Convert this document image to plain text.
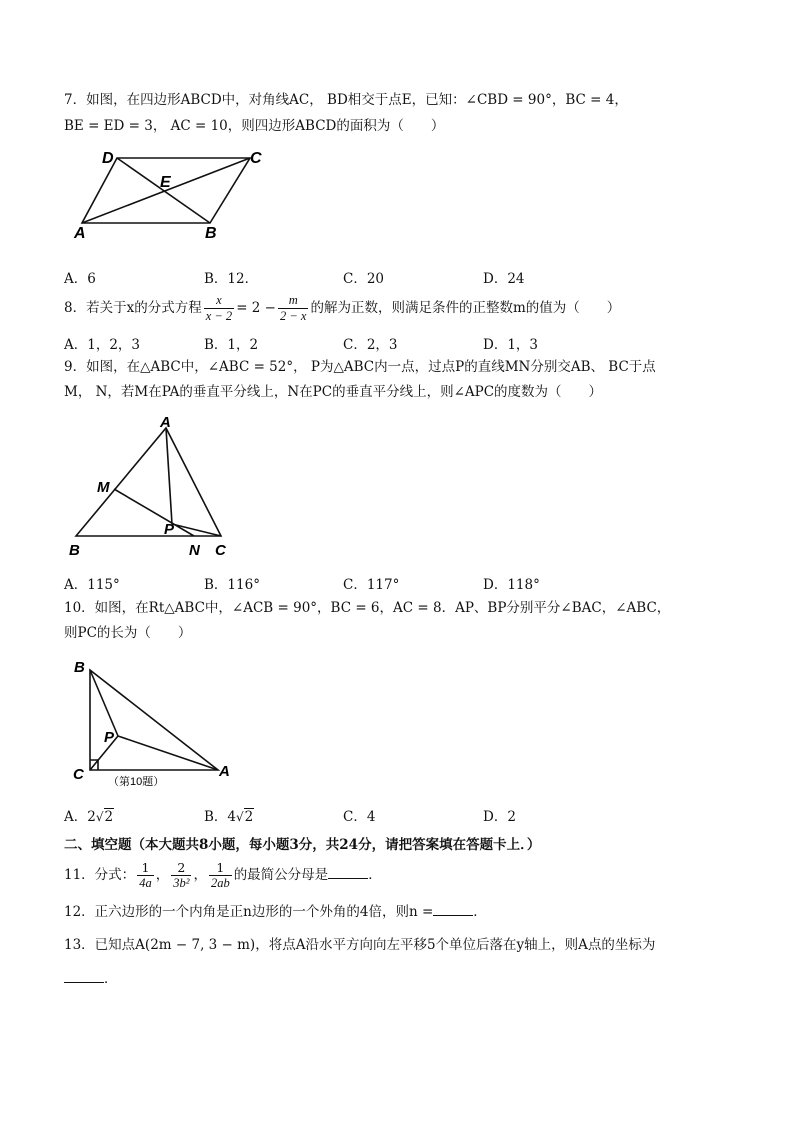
7．如图，在四边形ABCD中，对角线AC， BD相交于点E，已知：∠CBD = 90°，BC = 4，
BE = ED = 3， AC = 10，则四边形ABCD的面积为（　　）
D	C
E
A	B
A．6	B．12．	C．20	D．24
8．若关于x的分式方程 $\frac{x}{x - 2} = 2 - \frac{m}{2 - x}$ 的解为正数，则满足条件的正整数m的值为（　　）
A．1，2，3	B．1，2	C．2，3	D．1，3
9．如图，在△ABC中，∠ABC = 52°， P为△ABC内一点，过点P的直线MN分别交AB、 BC于点
M， N，若M在PA的垂直平分线上，N在PC的垂直平分线上，则∠APC的度数为（　　）
A
M
P
B	N C
A．115°	B．116°	C．117°	D．118°
10．如图，在Rt△ABC中，∠ACB = 90°，BC = 6，AC = 8．AP、BP分别平分∠BAC，∠ABC，
则PC的长为（　　）
B
P
C	A
（第10题）
A．2√2	B．4√2	C．4	D．2
二、填空题（本大题共8小题，每小题3分，共24分，请把答案填在答题卡上．）
11．分式： $\frac{1}{4a}$ ， $\frac{2}{\text{3b²}}$ ， $\frac{1}{2ab}$ 的最简公分母是	．
12．正六边形的一个内角是正n边形的一个外角的4倍，则n =	．
13．已知点A(2m − 7, 3 − m)，将点A沿水平方向向左平移5个单位后落在y轴上，则A点的坐标为
．
